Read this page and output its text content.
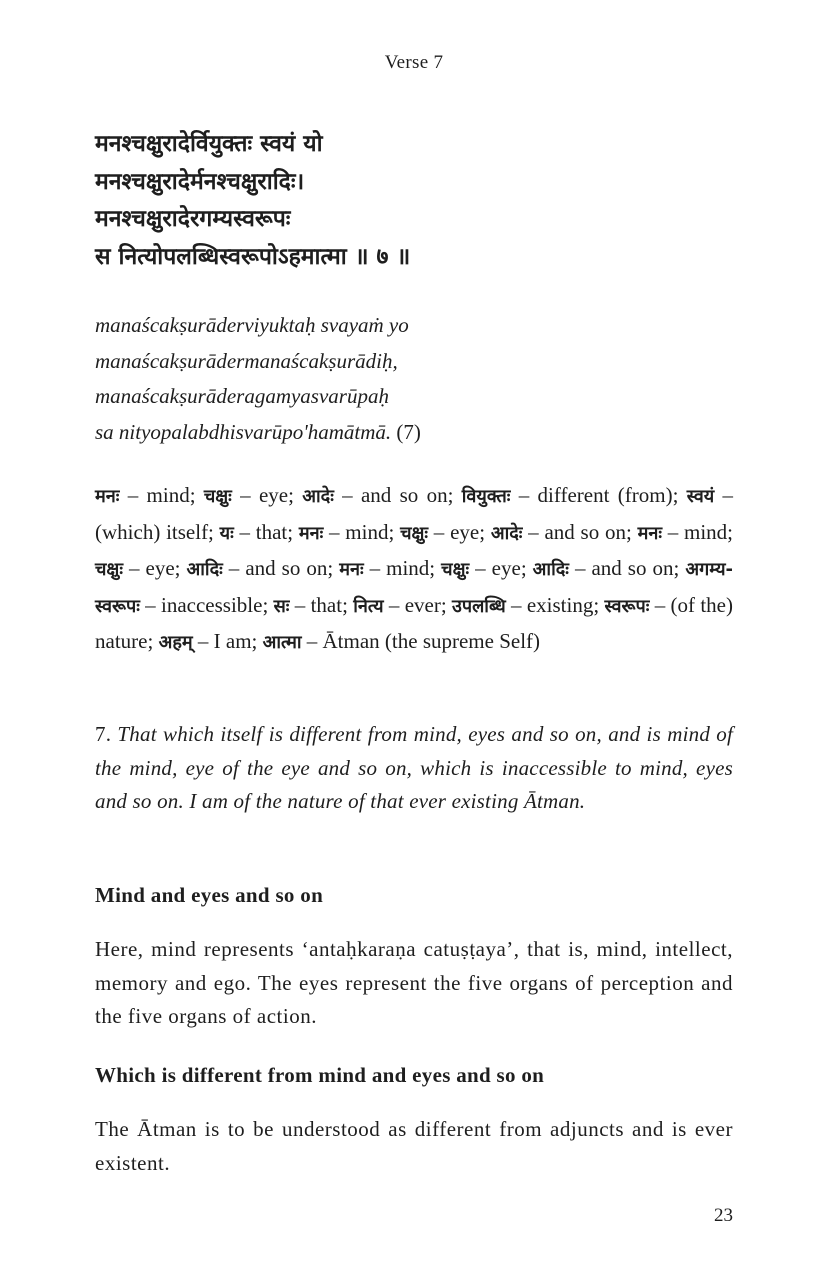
Verse 7
मनश्चक्षुरादेर्वियुक्तः स्वयं यो
मनश्चक्षुरादेर्मनश्चक्षुरादिः।
मनश्चक्षुरादेरगम्यस्वरूपः
स नित्योपलब्धिस्वरूपोऽहमात्मा ॥ ७ ॥
manaścakṣurāderviyuktaḥ svayaṁ yo
manaścakṣurādermanaścakṣurādiḥ,
manaścakṣurāderagamyasvarūpaḥ
sa nityopalabdhisvarūpo'hamātmā. (7)
मनः – mind; चक्षुः – eye; आदेः – and so on; वियुक्तः – different (from); स्वयं – (which) itself; यः – that; मनः – mind; चक्षुः – eye; आदेः – and so on; मनः – mind; चक्षुः – eye; आदिः – and so on; मनः – mind; चक्षुः – eye; आदिः – and so on; अगम्य-स्वरूपः – inaccessible; सः – that; नित्य – ever; उपलब्धि – existing; स्वरूपः – (of the) nature; अहम् – I am; आत्मा – Ātman (the supreme Self)
7. That which itself is different from mind, eyes and so on, and is mind of the mind, eye of the eye and so on, which is inaccessible to mind, eyes and so on. I am of the nature of that ever existing Ātman.
Mind and eyes and so on
Here, mind represents ‘antaḥkaraṇa catuṣṭaya’, that is, mind, intellect, memory and ego. The eyes represent the five organs of perception and the five organs of action.
Which is different from mind and eyes and so on
The Ātman is to be understood as different from adjuncts and is ever existent.
23
